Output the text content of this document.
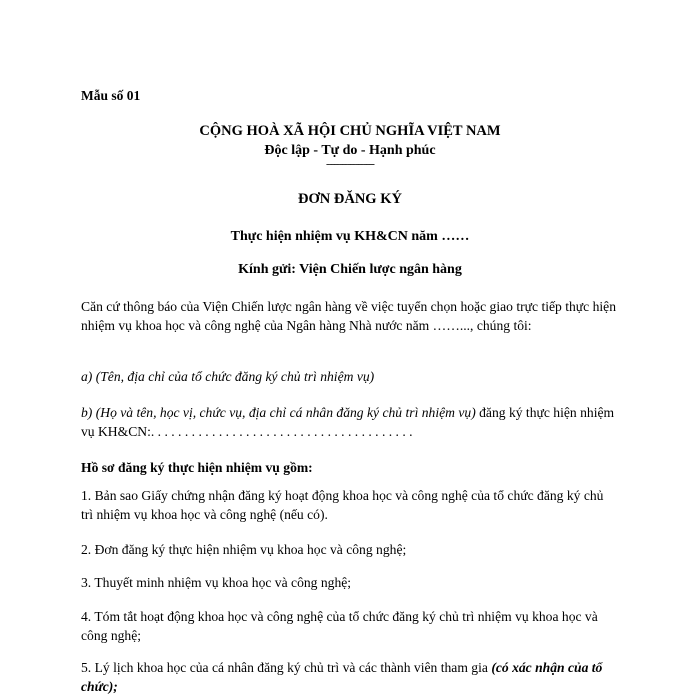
Mẫu số 01

CỘNG HOÀ XÃ HỘI CHỦ NGHĨA VIỆT NAM

Độc lập - Tự do - Hạnh phúc

------------------

ĐƠN ĐĂNG KÝ

Thực hiện nhiệm vụ KH&CN năm ……

Kính gửi: Viện Chiến lược ngân hàng

Căn cứ thông báo của Viện Chiến lược ngân hàng về việc tuyển chọn hoặc giao trực tiếp thực hiện nhiệm vụ khoa học và công nghệ của Ngân hàng Nhà nước năm ……..., chúng tôi:

a) (Tên, địa chỉ của tổ chức đăng ký chủ trì nhiệm vụ)

b) (Họ và tên, học vị, chức vụ, địa chỉ cá nhân đăng ký chủ trì nhiệm vụ) đăng ký thực hiện nhiệm vụ KH&CN:. . . . . . . . . . . . . . . . . . . . . . . . . . . . . . . . . . . . . . .

Hồ sơ đăng ký thực hiện nhiệm vụ gồm:

1. Bản sao Giấy chứng nhận đăng ký hoạt động khoa học và công nghệ của tổ chức đăng ký chủ trì nhiệm vụ khoa học và công nghệ (nếu có).

2. Đơn đăng ký thực hiện nhiệm vụ khoa học và công nghệ;

3. Thuyết minh nhiệm vụ khoa học và công nghệ;

4. Tóm tắt hoạt động khoa học và công nghệ của tổ chức đăng ký chủ trì nhiệm vụ khoa học và công nghệ;

5. Lý lịch khoa học của cá nhân đăng ký chủ trì và các thành viên tham gia (có xác nhận của tổ chức);
